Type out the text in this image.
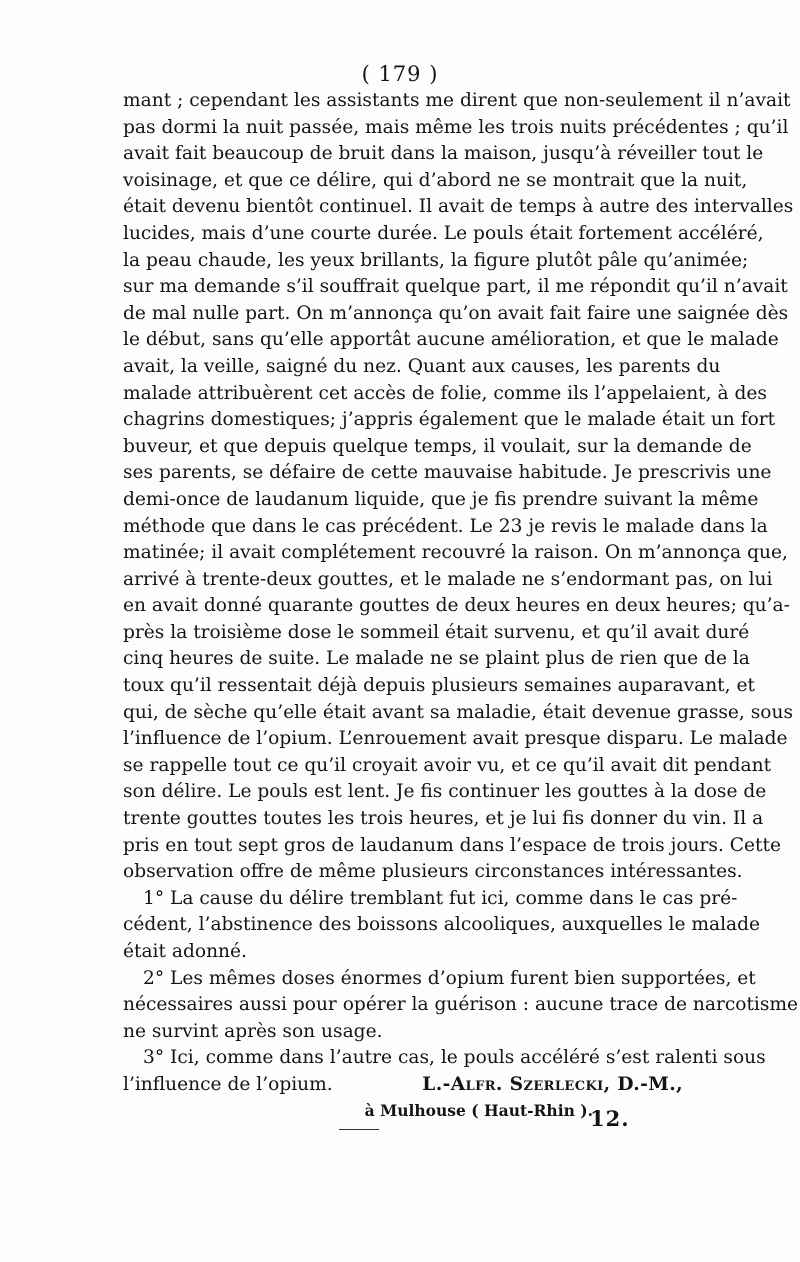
( 179 )
mant ; cependant les assistants me dirent que non-seulement il n’avait
pas dormi la nuit passée, mais même les trois nuits précédentes ; qu’il
avait fait beaucoup de bruit dans la maison, jusqu’à réveiller tout le
voisinage, et que ce délire, qui d’abord ne se montrait que la nuit,
était devenu bientôt continuel. Il avait de temps à autre des intervalles
lucides, mais d’une courte durée. Le pouls était fortement accéléré,
la peau chaude, les yeux brillants, la figure plutôt pâle qu’animée;
sur ma demande s’il souffrait quelque part, il me répondit qu’il n’avait
de mal nulle part. On m’annonça qu’on avait fait faire une saignée dès
le début, sans qu’elle apportât aucune amélioration, et que le malade
avait, la veille, saigné du nez. Quant aux causes, les parents du
malade attribuèrent cet accès de folie, comme ils l’appelaient, à des
chagrins domestiques; j’appris également que le malade était un fort
buveur, et que depuis quelque temps, il voulait, sur la demande de
ses parents, se défaire de cette mauvaise habitude. Je prescrivis une
demi-once de laudanum liquide, que je fis prendre suivant la même
méthode que dans le cas précédent. Le 23 je revis le malade dans la
matinée; il avait complétement recouvré la raison. On m’annonça que,
arrivé à trente-deux gouttes, et le malade ne s’endormant pas, on lui
en avait donné quarante gouttes de deux heures en deux heures; qu’a-
près la troisième dose le sommeil était survenu, et qu’il avait duré
cinq heures de suite. Le malade ne se plaint plus de rien que de la
toux qu’il ressentait déjà depuis plusieurs semaines auparavant, et
qui, de sèche qu’elle était avant sa maladie, était devenue grasse, sous
l’influence de l’opium. L’enrouement avait presque disparu. Le malade
se rappelle tout ce qu’il croyait avoir vu, et ce qu’il avait dit pendant
son délire. Le pouls est lent. Je fis continuer les gouttes à la dose de
trente gouttes toutes les trois heures, et je lui fis donner du vin. Il a
pris en tout sept gros de laudanum dans l’espace de trois jours. Cette
observation offre de même plusieurs circonstances intéressantes.
1° La cause du délire tremblant fut ici, comme dans le cas pré-
cédent, l’abstinence des boissons alcooliques, auxquelles le malade
était adonné.
2° Les mêmes doses énormes d’opium furent bien supportées, et
nécessaires aussi pour opérer la guérison : aucune trace de narcotisme
ne survint après son usage.
3° Ici, comme dans l’autre cas, le pouls accéléré s’est ralenti sous
l’influence de l’opium.	L.-Alfr. Szerlecki, D.-M.,
à Mulhouse ( Haut-Rhin ).
12.
